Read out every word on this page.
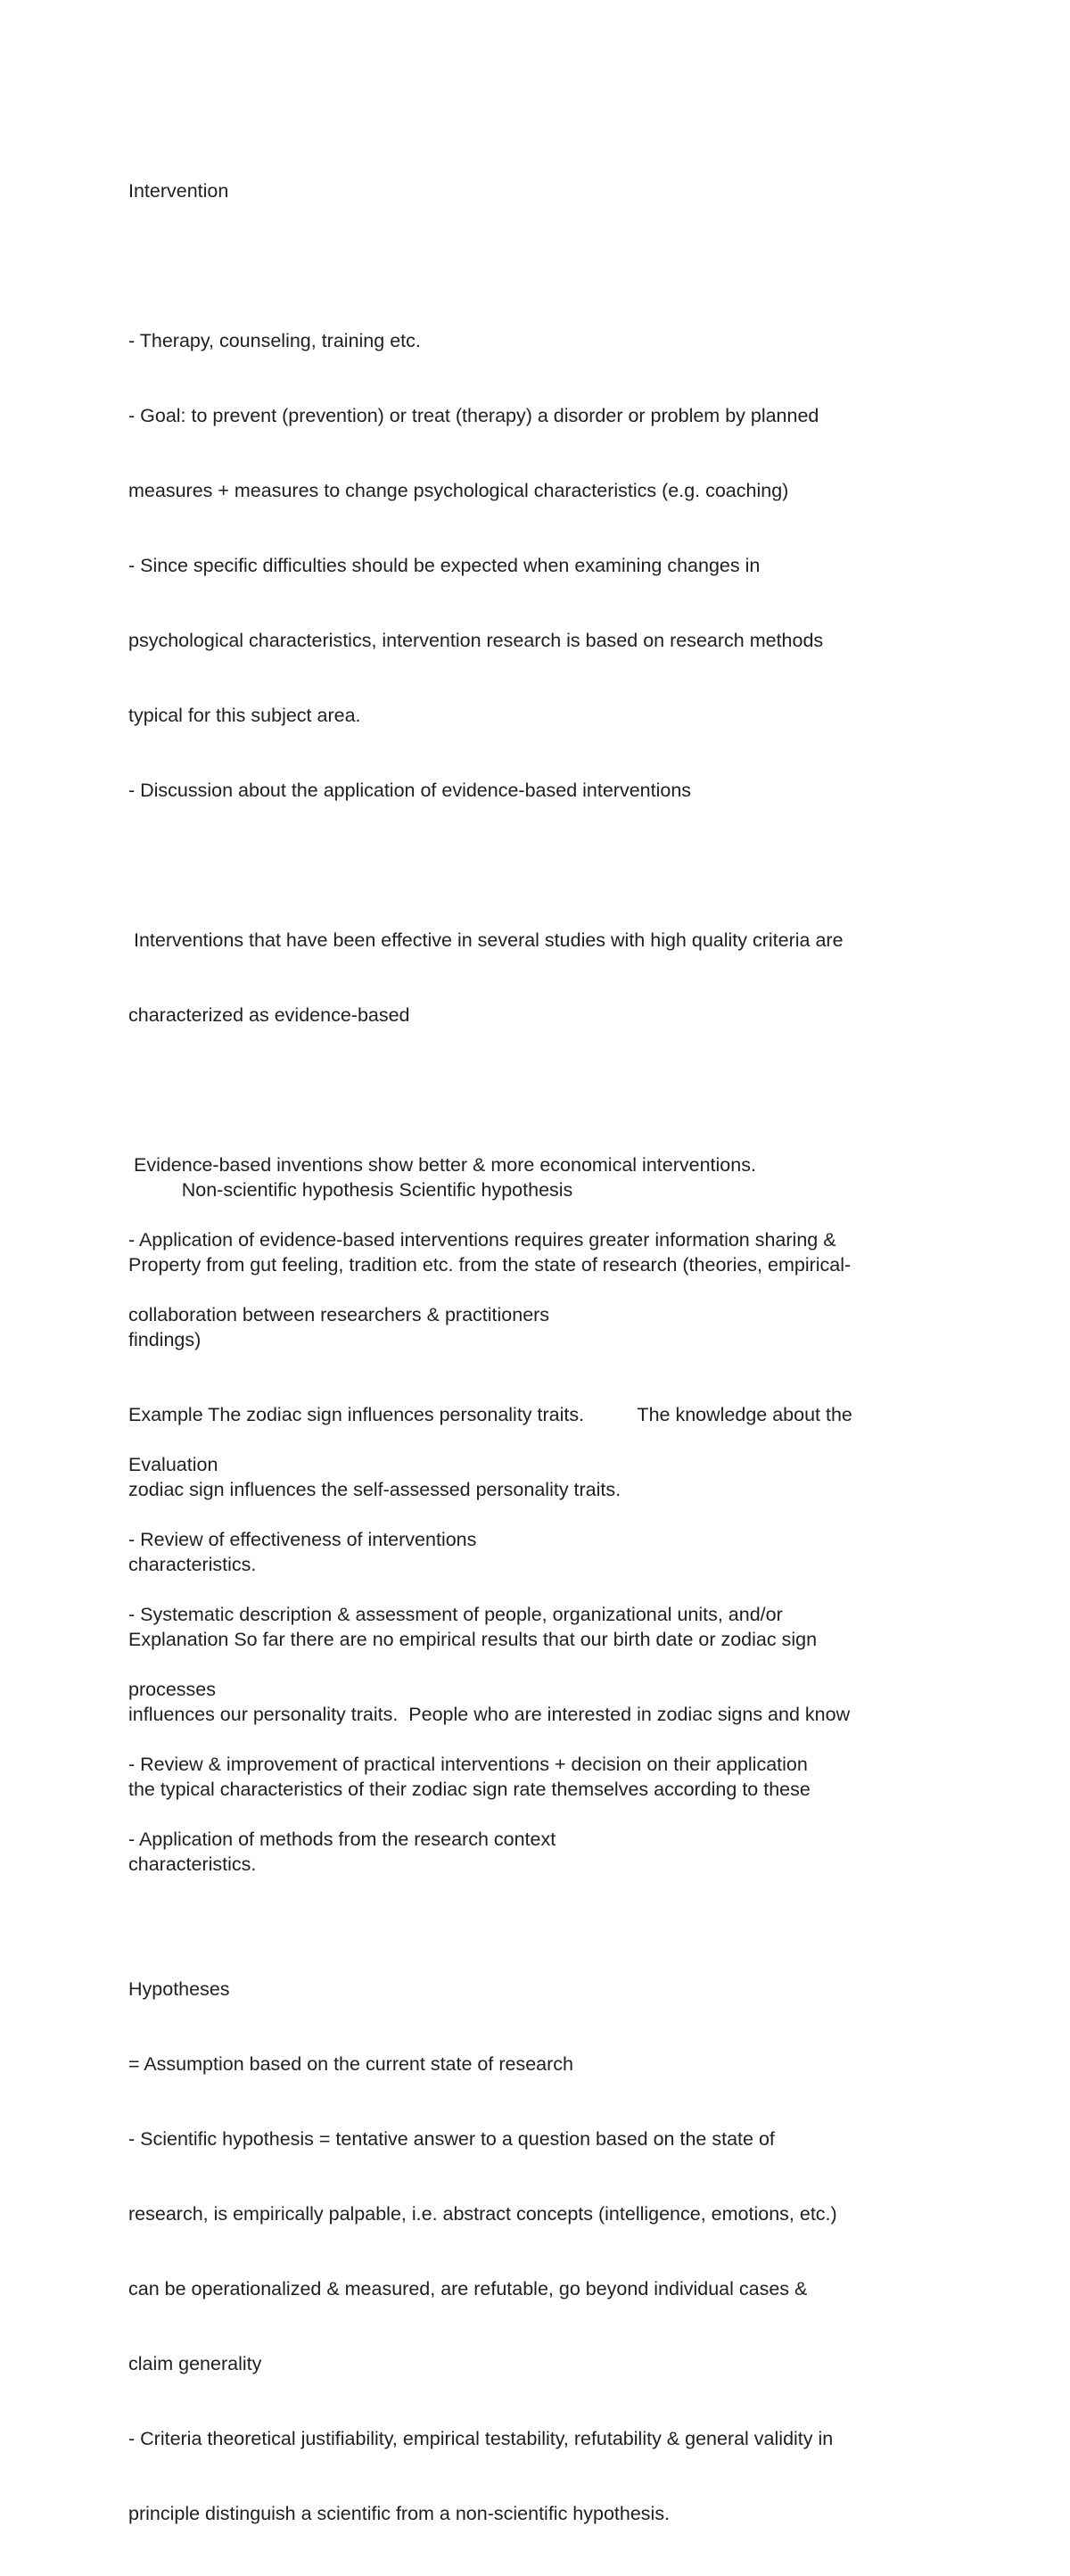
Intervention

- Therapy, counseling, training etc.

- Goal: to prevent (prevention) or treat (therapy) a disorder or problem by planned

measures + measures to change psychological characteristics (e.g. coaching)

- Since specific difficulties should be expected when examining changes in

psychological characteristics, intervention research is based on research methods

typical for this subject area.

- Discussion about the application of evidence-based interventions

Interventions that have been effective in several studies with high quality criteria are

characterized as evidence-based

Evidence-based inventions show better & more economical interventions.

- Application of evidence-based interventions requires greater information sharing &

collaboration between researchers & practitioners

Evaluation

- Review of effectiveness of interventions

- Systematic description & assessment of people, organizational units, and/or

processes

- Review & improvement of practical interventions + decision on their application

- Application of methods from the research context

Hypotheses

= Assumption based on the current state of research

- Scientific hypothesis = tentative answer to a question based on the state of

research, is empirically palpable, i.e. abstract concepts (intelligence, emotions, etc.)

can be operationalized & measured, are refutable, go beyond individual cases &

claim generality

- Criteria theoretical justifiability, empirical testability, refutability & general validity in

principle distinguish a scientific from a non-scientific hypothesis.

Non-scientific hypothesis Scientific hypothesis

Property from gut feeling, tradition etc. from the state of research (theories, empirical-

findings)

Example The zodiac sign influences personality traits.          The knowledge about the

zodiac sign influences the self-assessed personality traits.

characteristics.

Explanation So far there are no empirical results that our birth date or zodiac sign

influences our personality traits.  People who are interested in zodiac signs and know

the typical characteristics of their zodiac sign rate themselves according to these

characteristics.
